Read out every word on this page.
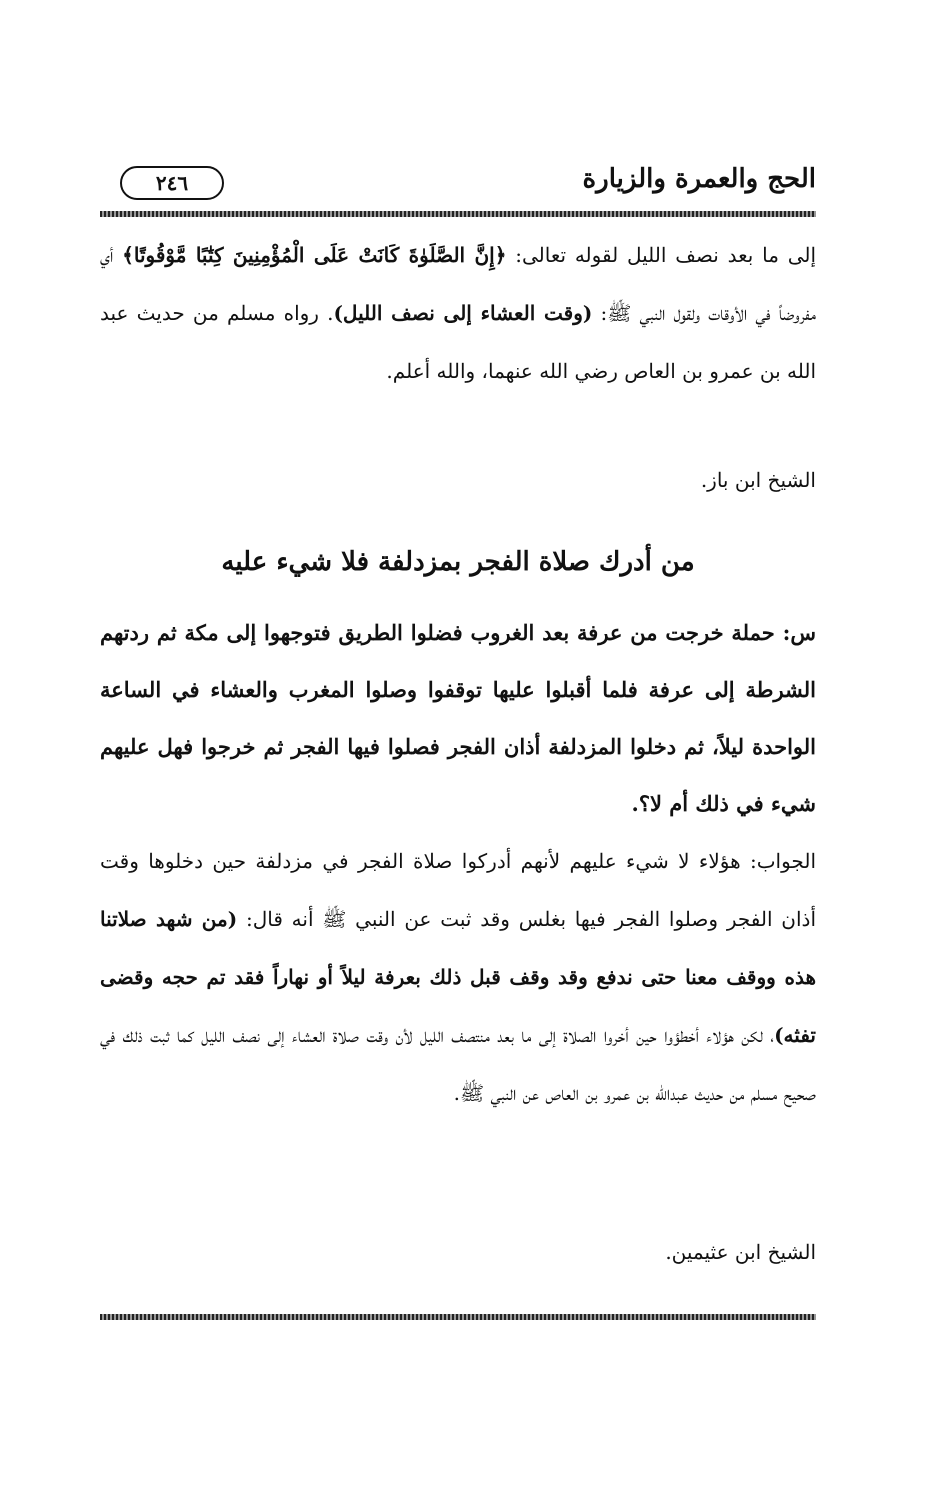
الحج والعمرة والزيارة
٢٤٦

إلى ما بعد نصف الليل لقوله تعالى: ﴿إِنَّ الصَّلَوٰةَ كَانَتْ عَلَى الْمُؤْمِنِينَ كِتَٰبًا مَّوْقُوتًا﴾ أي مفروضاً في الأوقات ولقول النبي ﷺ: (وقت العشاء إلى نصف الليل). رواه مسلم من حديث عبد الله بن عمرو بن العاص رضي الله عنهما، والله أعلم.

الشيخ ابن باز.

من أدرك صلاة الفجر بمزدلفة فلا شيء عليه

س: حملة خرجت من عرفة بعد الغروب فضلوا الطريق فتوجهوا إلى مكة ثم ردتهم الشرطة إلى عرفة فلما أقبلوا عليها توقفوا وصلوا المغرب والعشاء في الساعة الواحدة ليلاً، ثم دخلوا المزدلفة أذان الفجر فصلوا فيها الفجر ثم خرجوا فهل عليهم شيء في ذلك أم لا؟.

الجواب: هؤلاء لا شيء عليهم لأنهم أدركوا صلاة الفجر في مزدلفة حين دخلوها وقت أذان الفجر وصلوا الفجر فيها بغلس وقد ثبت عن النبي ﷺ أنه قال: (من شهد صلاتنا هذه ووقف معنا حتى ندفع وقد وقف قبل ذلك بعرفة ليلاً أو نهاراً فقد تم حجه وقضى تفثه)، لكن هؤلاء أخطؤوا حين أخروا الصلاة إلى ما بعد منتصف الليل لأن وقت صلاة العشاء إلى نصف الليل كما ثبت ذلك في صحيح مسلم من حديث عبدالله بن عمرو بن العاص عن النبي ﷺ.

الشيخ ابن عثيمين.
